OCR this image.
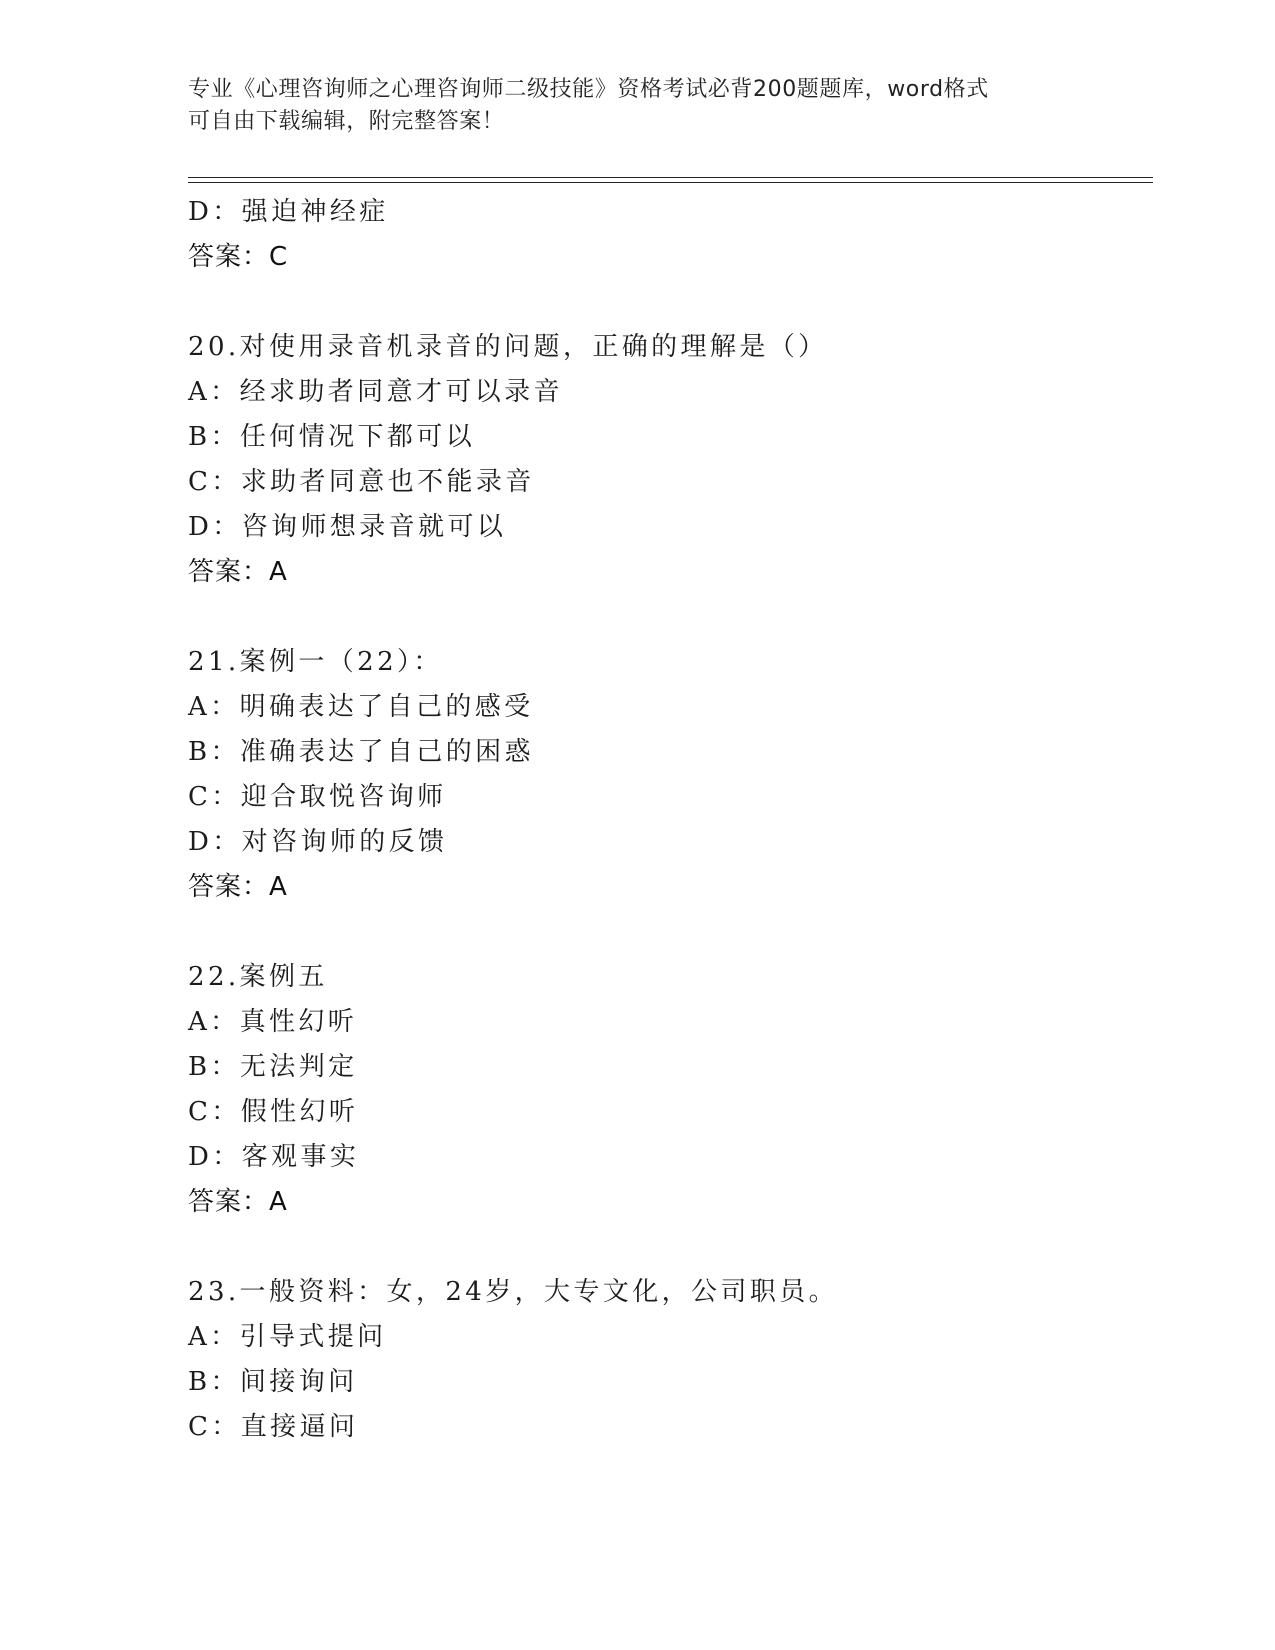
专业《心理咨询师之心理咨询师二级技能》资格考试必背200题题库，word格式
可自由下载编辑，附完整答案！
D：强迫神经症
答案：C
20.对使用录音机录音的问题，正确的理解是（）
A：经求助者同意才可以录音
B：任何情况下都可以
C：求助者同意也不能录音
D：咨询师想录音就可以
答案：A
21.案例一（22）：
A：明确表达了自己的感受
B：准确表达了自己的困惑
C：迎合取悦咨询师
D：对咨询师的反馈
答案：A
22.案例五
A：真性幻听
B：无法判定
C：假性幻听
D：客观事实
答案：A
23.一般资料：女，24岁，大专文化，公司职员。
A：引导式提问
B：间接询问
C：直接逼问
